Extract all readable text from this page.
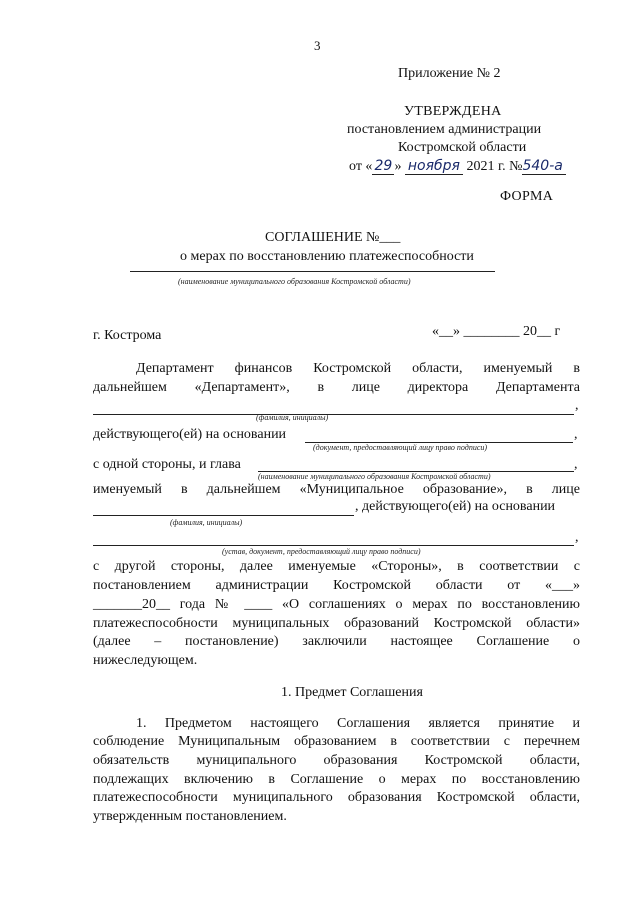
3
Приложение № 2
УТВЕРЖДЕНА
постановлением администрации
Костромской области
от « 29 » ноября 2021 г. №540-а
ФОРМА
СОГЛАШЕНИЕ №___
о мерах по восстановлению платежеспособности
(наименование муниципального образования Костромской области)
г. Кострома	«__» ________ 20__ г
Департамент финансов Костромской области, именуемый в
дальнейшем «Департамент», в лице директора Департамента
,
(фамилия, инициалы)
действующего(ей) на основании	,
(документ, предоставляющий лицу право подписи)
с одной стороны, и глава	,
(наименование муниципального образования Костромской области)
именуемый в дальнейшем «Муниципальное образование», в лице
, действующего(ей) на основании
(фамилия, инициалы)
,
(устав, документ, предоставляющий лицу право подписи)
с другой стороны, далее именуемые «Стороны», в соответствии с
постановлением администрации Костромской области от «___»
_______20__ года № ____ «О соглашениях о мерах по восстановлению
платежеспособности муниципальных образований Костромской области»
(далее – постановление) заключили настоящее Соглашение о
нижеследующем.
1. Предмет Соглашения
1. Предметом настоящего Соглашения является принятие и
соблюдение Муниципальным образованием в соответствии с перечнем
обязательств муниципального образования Костромской области,
подлежащих включению в Соглашение о мерах по восстановлению
платежеспособности муниципального образования Костромской области,
утвержденным постановлением.
